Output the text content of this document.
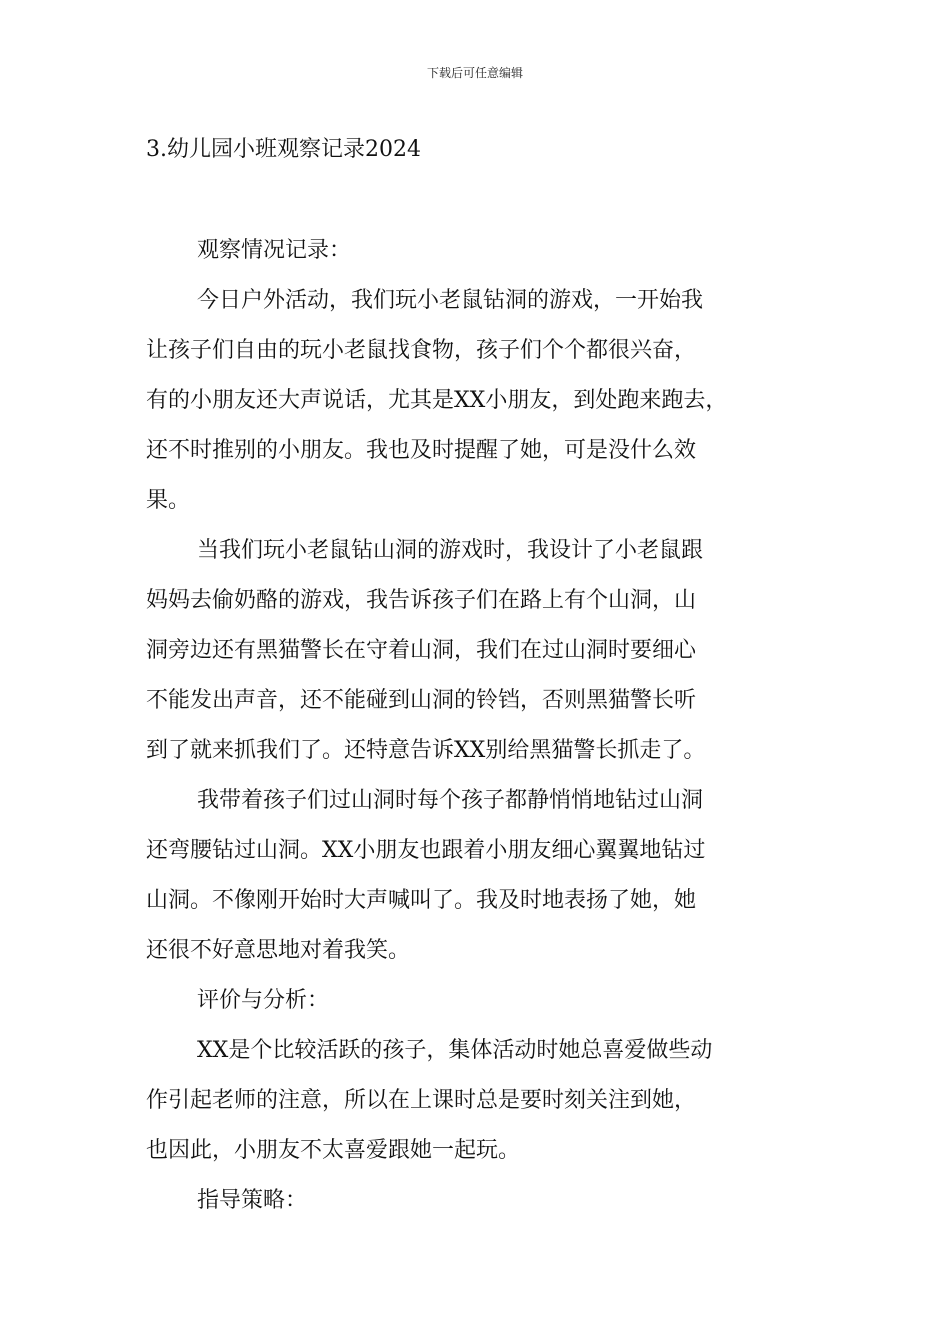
下载后可任意编辑
3.幼儿园小班观察记录2024
观察情况记录：
今日户外活动，我们玩小老鼠钻洞的游戏，一开始我
让孩子们自由的玩小老鼠找食物，孩子们个个都很兴奋，
有的小朋友还大声说话，尤其是XX小朋友，到处跑来跑去，
还不时推别的小朋友。我也及时提醒了她，可是没什么效
果。
当我们玩小老鼠钻山洞的游戏时，我设计了小老鼠跟
妈妈去偷奶酪的游戏，我告诉孩子们在路上有个山洞，山
洞旁边还有黑猫警长在守着山洞，我们在过山洞时要细心
不能发出声音，还不能碰到山洞的铃铛，否则黑猫警长听
到了就来抓我们了。还特意告诉XX别给黑猫警长抓走了。
我带着孩子们过山洞时每个孩子都静悄悄地钻过山洞
还弯腰钻过山洞。XX小朋友也跟着小朋友细心翼翼地钻过
山洞。不像刚开始时大声喊叫了。我及时地表扬了她，她
还很不好意思地对着我笑。
评价与分析：
XX是个比较活跃的孩子，集体活动时她总喜爱做些动
作引起老师的注意，所以在上课时总是要时刻关注到她，
也因此，小朋友不太喜爱跟她一起玩。
指导策略：
